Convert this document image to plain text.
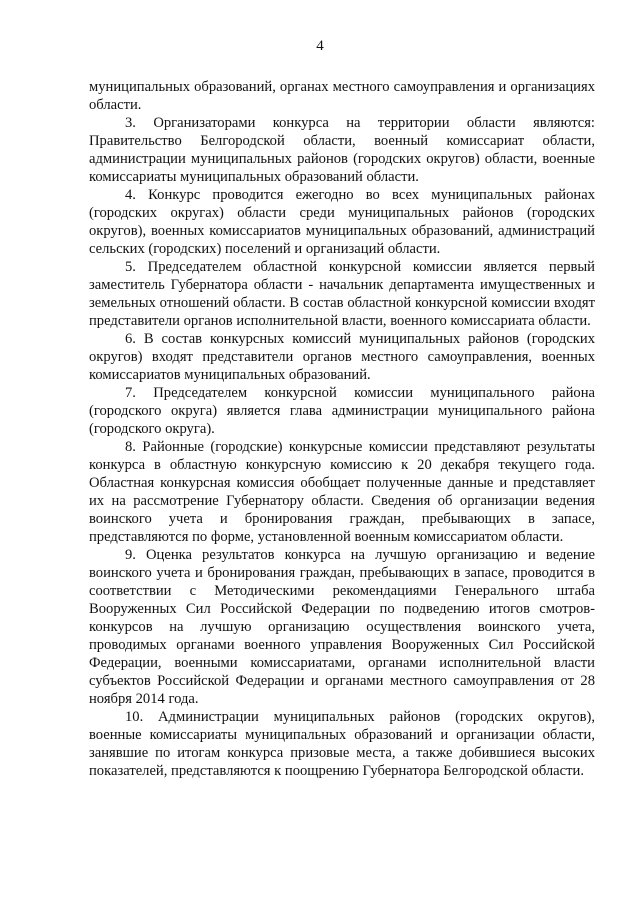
4

муниципальных образований, органах местного самоуправления и организациях области.

3. Организаторами конкурса на территории области являются: Правительство Белгородской области, военный комиссариат области, администрации муниципальных районов (городских округов) области, военные комиссариаты муниципальных образований области.

4. Конкурс проводится ежегодно во всех муниципальных районах (городских округах) области среди муниципальных районов (городских округов), военных комиссариатов муниципальных образований, администраций сельских (городских) поселений и организаций области.

5. Председателем областной конкурсной комиссии является первый заместитель Губернатора области - начальник департамента имущественных и земельных отношений области. В состав областной конкурсной комиссии входят представители органов исполнительной власти, военного комиссариата области.

6. В состав конкурсных комиссий муниципальных районов (городских округов) входят представители органов местного самоуправления, военных комиссариатов муниципальных образований.

7. Председателем конкурсной комиссии муниципального района (городского округа) является глава администрации муниципального района (городского округа).

8. Районные (городские) конкурсные комиссии представляют результаты конкурса в областную конкурсную комиссию к 20 декабря текущего года. Областная конкурсная комиссия обобщает полученные данные и представляет их на рассмотрение Губернатору области. Сведения об организации ведения воинского учета и бронирования граждан, пребывающих в запасе, представляются по форме, установленной военным комиссариатом области.

9. Оценка результатов конкурса на лучшую организацию и ведение воинского учета и бронирования граждан, пребывающих в запасе, проводится в соответствии с Методическими рекомендациями Генерального штаба Вооруженных Сил Российской Федерации по подведению итогов смотров-конкурсов на лучшую организацию осуществления воинского учета, проводимых органами военного управления Вооруженных Сил Российской Федерации, военными комиссариатами, органами исполнительной власти субъектов Российской Федерации и органами местного самоуправления от 28 ноября 2014 года.

10. Администрации муниципальных районов (городских округов), военные комиссариаты муниципальных образований и организации области, занявшие по итогам конкурса призовые места, а также добившиеся высоких показателей, представляются к поощрению Губернатора Белгородской области.
